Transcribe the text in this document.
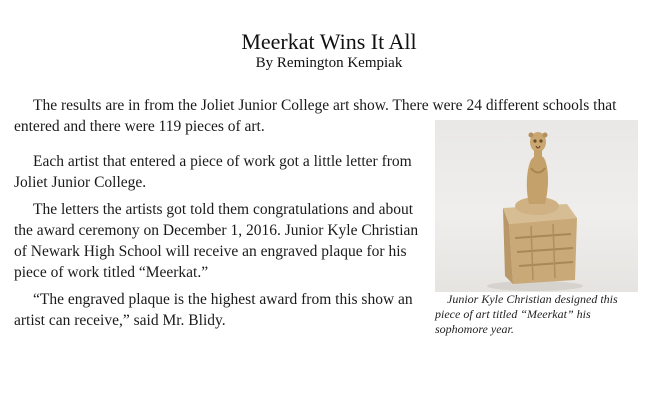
Meerkat Wins It All
By Remington Kempiak

The results are in from the Joliet Junior College art show. There were 24 different schools that entered and there were 119 pieces of art.

Each artist that entered a piece of work got a little letter from Joliet Junior College.

The letters the artists got told them congratulations and about the award ceremony on December 1, 2016. Junior Kyle Christian of Newark High School will receive an engraved plaque for his piece of work titled “Meerkat.”

“The engraved plaque is the highest award from this show an artist can receive,” said Mr. Blidy.

Junior Kyle Christian designed this piece of art titled “Meerkat” his sophomore year.
